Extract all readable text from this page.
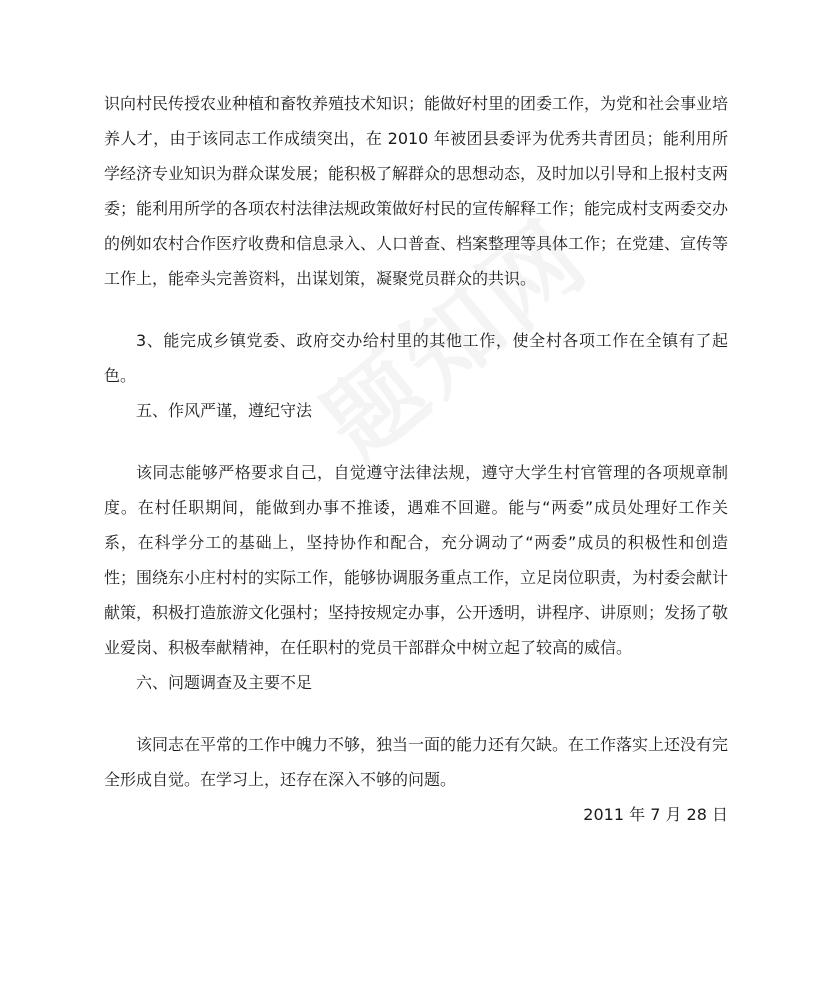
识向村民传授农业种植和畜牧养殖技术知识；能做好村里的团委工作，为党和社会事业培养人才，由于该同志工作成绩突出，在 2010 年被团县委评为优秀共青团员；能利用所学经济专业知识为群众谋发展；能积极了解群众的思想动态，及时加以引导和上报村支两委；能利用所学的各项农村法律法规政策做好村民的宣传解释工作；能完成村支两委交办的例如农村合作医疗收费和信息录入、人口普查、档案整理等具体工作；在党建、宣传等工作上，能牵头完善资料，出谋划策，凝聚党员群众的共识。

3、能完成乡镇党委、政府交办给村里的其他工作，使全村各项工作在全镇有了起色。

五、作风严谨，遵纪守法

该同志能够严格要求自己，自觉遵守法律法规，遵守大学生村官管理的各项规章制度。在村任职期间，能做到办事不推诿，遇难不回避。能与“两委”成员处理好工作关系，在科学分工的基础上，坚持协作和配合，充分调动了“两委”成员的积极性和创造性；围绕东小庄村村的实际工作，能够协调服务重点工作，立足岗位职责，为村委会献计献策，积极打造旅游文化强村；坚持按规定办事，公开透明，讲程序、讲原则；发扬了敬业爱岗、积极奉献精神，在任职村的党员干部群众中树立起了较高的威信。

六、问题调查及主要不足

该同志在平常的工作中魄力不够，独当一面的能力还有欠缺。在工作落实上还没有完全形成自觉。在学习上，还存在深入不够的问题。

2011 年 7 月 28 日
